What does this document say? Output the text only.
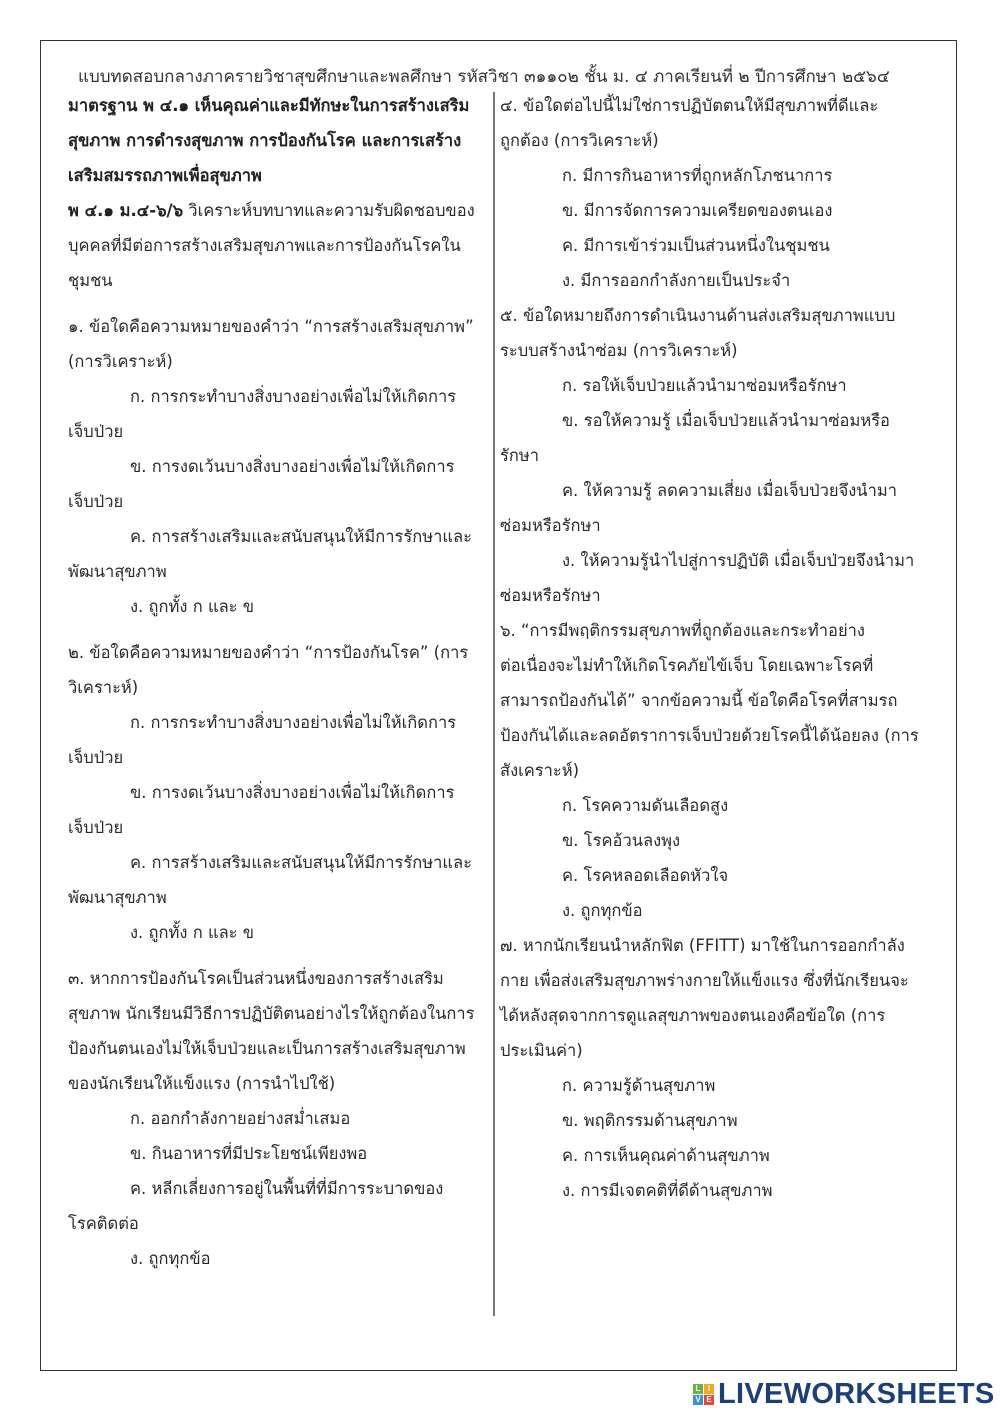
แบบทดสอบกลางภาครายวิชาสุขศึกษาและพลศึกษา รหัสวิชา ๓๑๑๐๒ ชั้น ม. ๔ ภาคเรียนที่ ๒ ปีการศึกษา ๒๕๖๔
มาตรฐาน พ ๔.๑ เห็นคุณค่าและมีทักษะในการสร้างเสริม
สุขภาพ การดำรงสุขภาพ การป้องกันโรค และการเสร้าง
เสริมสมรรถภาพเพื่อสุขภาพ
พ ๔.๑ ม.๔-๖/๖ วิเคราะห์บทบาทและความรับผิดชอบของ
บุคคลที่มีต่อการสร้างเสริมสุขภาพและการป้องกันโรคใน
ชุมชน
๑. ข้อใดคือความหมายของคำว่า “การสร้างเสริมสุขภาพ”
(การวิเคราะห์)
ก. การกระทำบางสิ่งบางอย่างเพื่อไม่ให้เกิดการ
เจ็บป่วย
ข. การงดเว้นบางสิ่งบางอย่างเพื่อไม่ให้เกิดการ
เจ็บป่วย
ค. การสร้างเสริมและสนับสนุนให้มีการรักษาและ
พัฒนาสุขภาพ
ง. ถูกทั้ง ก และ ข
๒. ข้อใดคือความหมายของคำว่า “การป้องกันโรค” (การ
วิเคราะห์)
ก. การกระทำบางสิ่งบางอย่างเพื่อไม่ให้เกิดการ
เจ็บป่วย
ข. การงดเว้นบางสิ่งบางอย่างเพื่อไม่ให้เกิดการ
เจ็บป่วย
ค. การสร้างเสริมและสนับสนุนให้มีการรักษาและ
พัฒนาสุขภาพ
ง. ถูกทั้ง ก และ ข
๓. หากการป้องกันโรคเป็นส่วนหนึ่งของการสร้างเสริม
สุขภาพ นักเรียนมีวิธีการปฏิบัติตนอย่างไรให้ถูกต้องในการ
ป้องกันตนเองไม่ให้เจ็บป่วยและเป็นการสร้างเสริมสุขภาพ
ของนักเรียนให้แข็งแรง (การนำไปใช้)
ก. ออกกำลังกายอย่างสม่ำเสมอ
ข. กินอาหารที่มีประโยชน์เพียงพอ
ค. หลีกเลี่ยงการอยู่ในพื้นที่ที่มีการระบาดของ
โรคติดต่อ
ง. ถูกทุกข้อ
๔. ข้อใดต่อไปนี้ไม่ใช่การปฏิบัตตนให้มีสุขภาพที่ดีและ
ถูกต้อง (การวิเคราะห์)
ก. มีการกินอาหารที่ถูกหลักโภชนาการ
ข. มีการจัดการความเครียดของตนเอง
ค. มีการเข้าร่วมเป็นส่วนหนึ่งในชุมชน
ง. มีการออกกำลังกายเป็นประจำ
๕. ข้อใดหมายถึงการดำเนินงานด้านส่งเสริมสุขภาพแบบ
ระบบสร้างนำซ่อม (การวิเคราะห์)
ก. รอให้เจ็บป่วยแล้วนำมาซ่อมหรือรักษา
ข. รอให้ความรู้ เมื่อเจ็บป่วยแล้วนำมาซ่อมหรือ
รักษา
ค. ให้ความรู้ ลดความเสี่ยง เมื่อเจ็บป่วยจึงนำมา
ซ่อมหรือรักษา
ง. ให้ความรู้นำไปสู่การปฏิบัติ เมื่อเจ็บป่วยจึงนำมา
ซ่อมหรือรักษา
๖. “การมีพฤติกรรมสุขภาพที่ถูกต้องและกระทำอย่าง
ต่อเนื่องจะไม่ทำให้เกิดโรคภัยไข้เจ็บ โดยเฉพาะโรคที่
สามารถป้องกันได้” จากข้อความนี้ ข้อใดคือโรคที่สามรถ
ป้องกันได้และลดอัตราการเจ็บป่วยด้วยโรคนี้ได้น้อยลง (การ
สังเคราะห์)
ก. โรคความดันเลือดสูง
ข. โรคอ้วนลงพุง
ค. โรคหลอดเลือดหัวใจ
ง. ถูกทุกข้อ
๗. หากนักเรียนนำหลักฟิต (FFITT) มาใช้ในการออกกำลัง
กาย เพื่อส่งเสริมสุขภาพร่างกายให้แข็งแรง ซึ่งที่นักเรียนจะ
ได้หลังสุดจากการดูแลสุขภาพของตนเองคือข้อใด (การ
ประเมินค่า)
ก. ความรู้ด้านสุขภาพ
ข. พฤติกรรมด้านสุขภาพ
ค. การเห็นคุณค่าด้านสุขภาพ
ง. การมีเจตคติที่ดีด้านสุขภาพ
L I
V E LIVEWORKSHEETS
